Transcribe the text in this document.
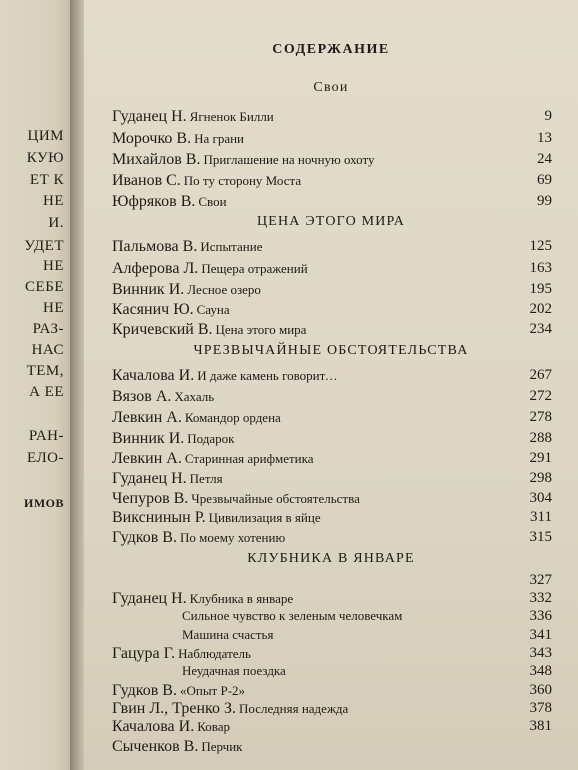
ЦИМ
КУЮ
ЕТ К
НЕ
И.
УДЕТ
НЕ
СЕБЕ
НЕ
РАЗ-
НАС
ТЕМ,
А ЕЕ
РАН-
ЕЛО-
ИМОВ
СОДЕРЖАНИЕ
Свои
Гуданец Н. Ягненок Билли	9
Морочко В. На грани	13
Михайлов В. Приглашение на ночную охоту	24
Иванов С. По ту сторону Моста	69
Юфряков В. Свои	99
ЦЕНА ЭТОГО МИРА
Пальмова В. Испытание	125
Алферова Л. Пещера отражений	163
Винник И. Лесное озеро	195
Касянич Ю. Сауна	202
Кричевский В. Цена этого мира	234
ЧРЕЗВЫЧАЙНЫЕ ОБСТОЯТЕЛЬСТВА
Качалова И. И даже камень говорит...	267
Вязов А. Хахаль	272
Левкин А. Командор ордена	278
Винник И. Подарок	288
Левкин А. Старинная арифметика	291
Гуданец Н. Петля	298
Чепуров В. Чрезвычайные обстоятельства	304
Викснинын Р. Цивилизация в яйце	311
Гудков В. По моему хотению	315
КЛУБНИКА В ЯНВАРЕ
327
Гуданец Н. Клубника в январе	332
Сильное чувство к зеленым человечкам	336
Машина счастья	341
Гацура Г. Наблюдатель	343
Неудачная поездка	348
Гудков В. «Опыт Р-2»	360
Гвин Л., Тренко З. Последняя надежда	378
Качалова И. Ковар	381
Сыченков В. Перчик
